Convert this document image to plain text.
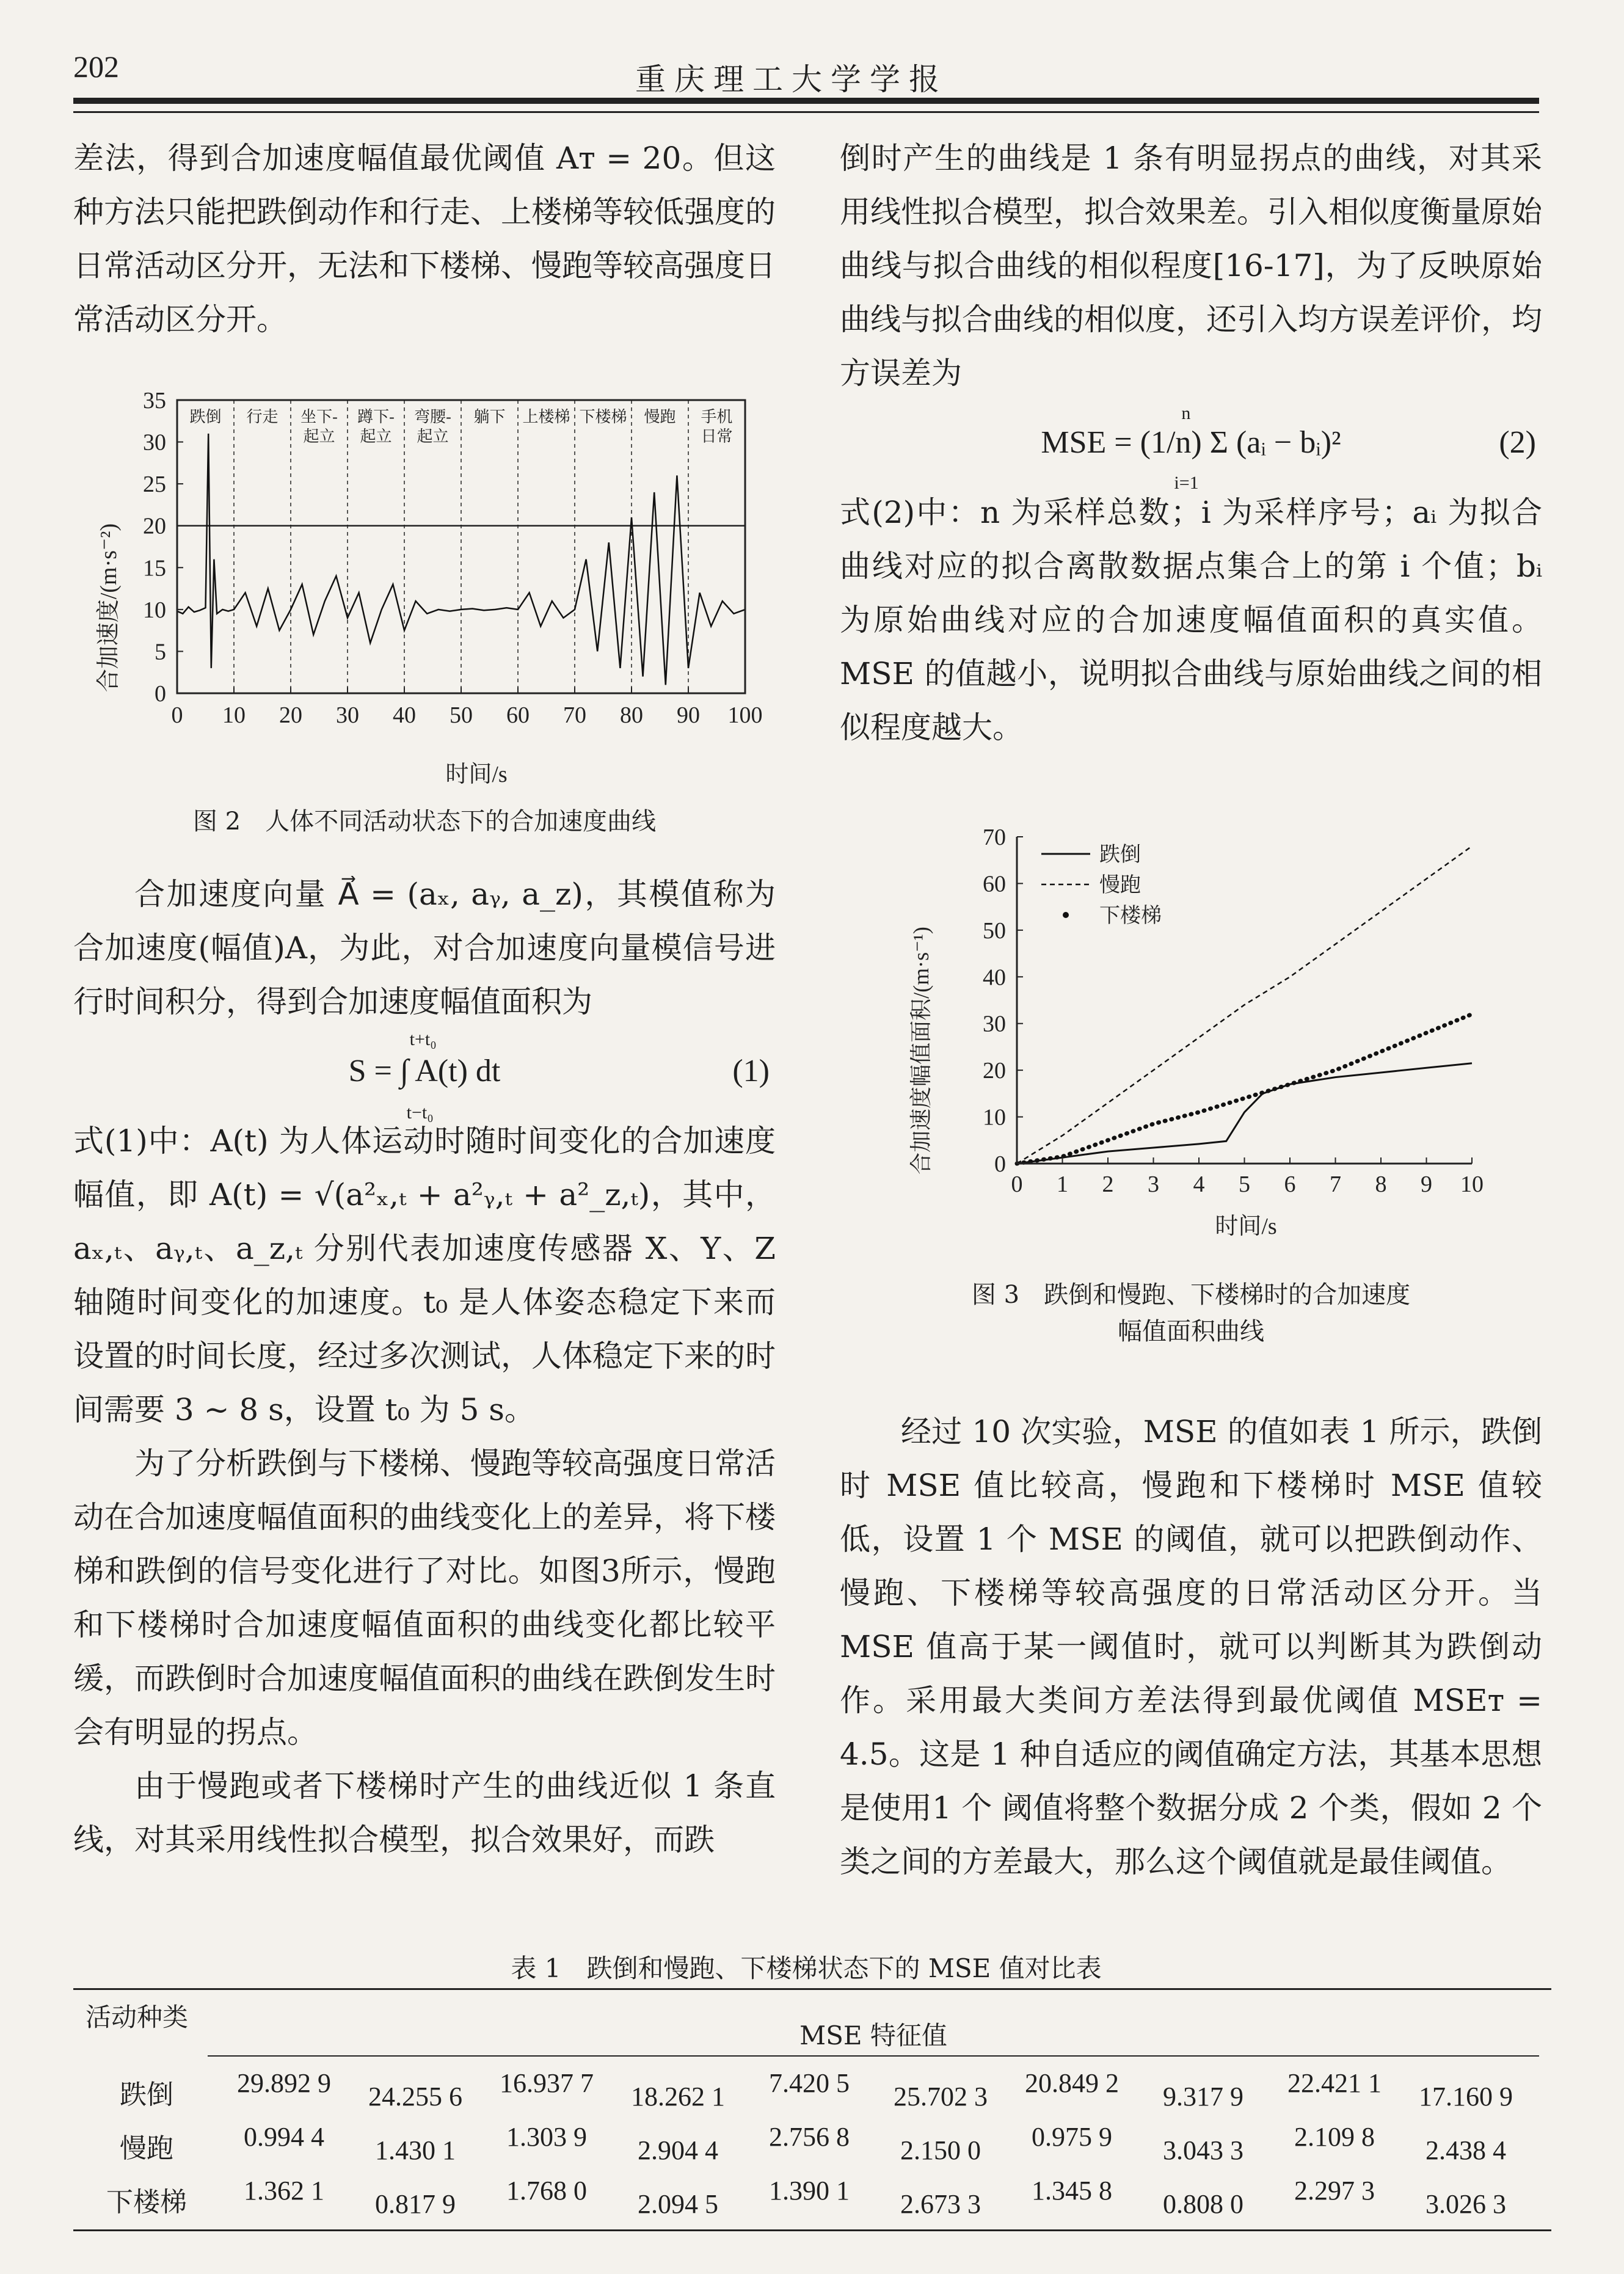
202	重庆理工大学学报

差法，得到合加速度幅值最优阈值 Aᴛ = 20。但这种方法只能把跌倒动作和行走、上楼梯等较低强度的日常活动区分开，无法和下楼梯、慢跑等较高强度日常活动区分开。

跌倒 行走 坐下-
起立
蹲下-
起立
弯腰-
起立
躺下 上楼梯 下楼梯 慢跑 手机
日常
0 10 20 30 40 50 60 70 80 90 100
0
5
10
15
20
25
30
35
时间/s
合加速度/(m·s⁻²)
图 2　人体不同活动状态下的合加速度曲线

合加速度向量 A⃗ = (aₓ, aᵧ, a_z)，其模值称为合加速度(幅值)A，为此，对合加速度向量模信号进行时间积分，得到合加速度幅值面积为

t+t₀
S = ∫ A(t) dt
t−t₀
(1)

式(1)中：A(t) 为人体运动时随时间变化的合加速度幅值，即 A(t) = √(a²ₓ,ₜ + a²ᵧ,ₜ + a²_z,ₜ)，其中，aₓ,ₜ、aᵧ,ₜ、a_z,ₜ 分别代表加速度传感器 X、Y、Z 轴随时间变化的加速度。t₀ 是人体姿态稳定下来而设置的时间长度，经过多次测试，人体稳定下来的时间需要 3 ~ 8 s，设置 t₀ 为 5 s。

为了分析跌倒与下楼梯、慢跑等较高强度日常活动在合加速度幅值面积的曲线变化上的差异，将下楼梯和跌倒的信号变化进行了对比。如图3所示，慢跑和下楼梯时合加速度幅值面积的曲线变化都比较平缓，而跌倒时合加速度幅值面积的曲线在跌倒发生时会有明显的拐点。

由于慢跑或者下楼梯时产生的曲线近似 1 条直线，对其采用线性拟合模型，拟合效果好，而跌

倒时产生的曲线是 1 条有明显拐点的曲线，对其采用线性拟合模型，拟合效果差。引入相似度衡量原始曲线与拟合曲线的相似程度[16-17]，为了反映原始曲线与拟合曲线的相似度，还引入均方误差评价，均方误差为

n
MSE = (1/n) Σ (aᵢ − bᵢ)²
i=1
(2)

式(2)中：n 为采样总数；i 为采样序号；aᵢ 为拟合曲线对应的拟合离散数据点集合上的第 i 个值；bᵢ 为原始曲线对应的合加速度幅值面积的真实值。MSE 的值越小，说明拟合曲线与原始曲线之间的相似程度越大。

0 1 2 3 4 5 6 7 8 9 10
0
10
20
30
40
50
60
70
跌倒
慢跑
下楼梯
时间/s
合加速度幅值面积/(m·s⁻¹)
图 3　跌倒和慢跑、下楼梯时的合加速度
幅值面积曲线

经过 10 次实验，MSE 的值如表 1 所示，跌倒时 MSE 值比较高，慢跑和下楼梯时 MSE 值较低，设置 1 个 MSE 的阈值，就可以把跌倒动作、慢跑、下楼梯等较高强度的日常活动区分开。当 MSE 值高于某一阈值时，就可以判断其为跌倒动作。采用最大类间方差法得到最优阈值 MSEᴛ = 4.5。这是 1 种自适应的阈值确定方法，其基本思想是使用1 个 阈值将整个数据分成 2 个类，假如 2 个类之间的方差最大，那么这个阈值就是最佳阈值。

表 1　跌倒和慢跑、下楼梯状态下的 MSE 值对比表
活动种类
MSE 特征值
跌倒	29.892 9	24.255 6	16.937 7	18.262 1	7.420 5	25.702 3	20.849 2	9.317 9	22.421 1	17.160 9
慢跑	0.994 4	1.430 1	1.303 9	2.904 4	2.756 8	2.150 0	0.975 9	3.043 3	2.109 8	2.438 4
下楼梯	1.362 1	0.817 9	1.768 0	2.094 5	1.390 1	2.673 3	1.345 8	0.808 0	2.297 3	3.026 3
